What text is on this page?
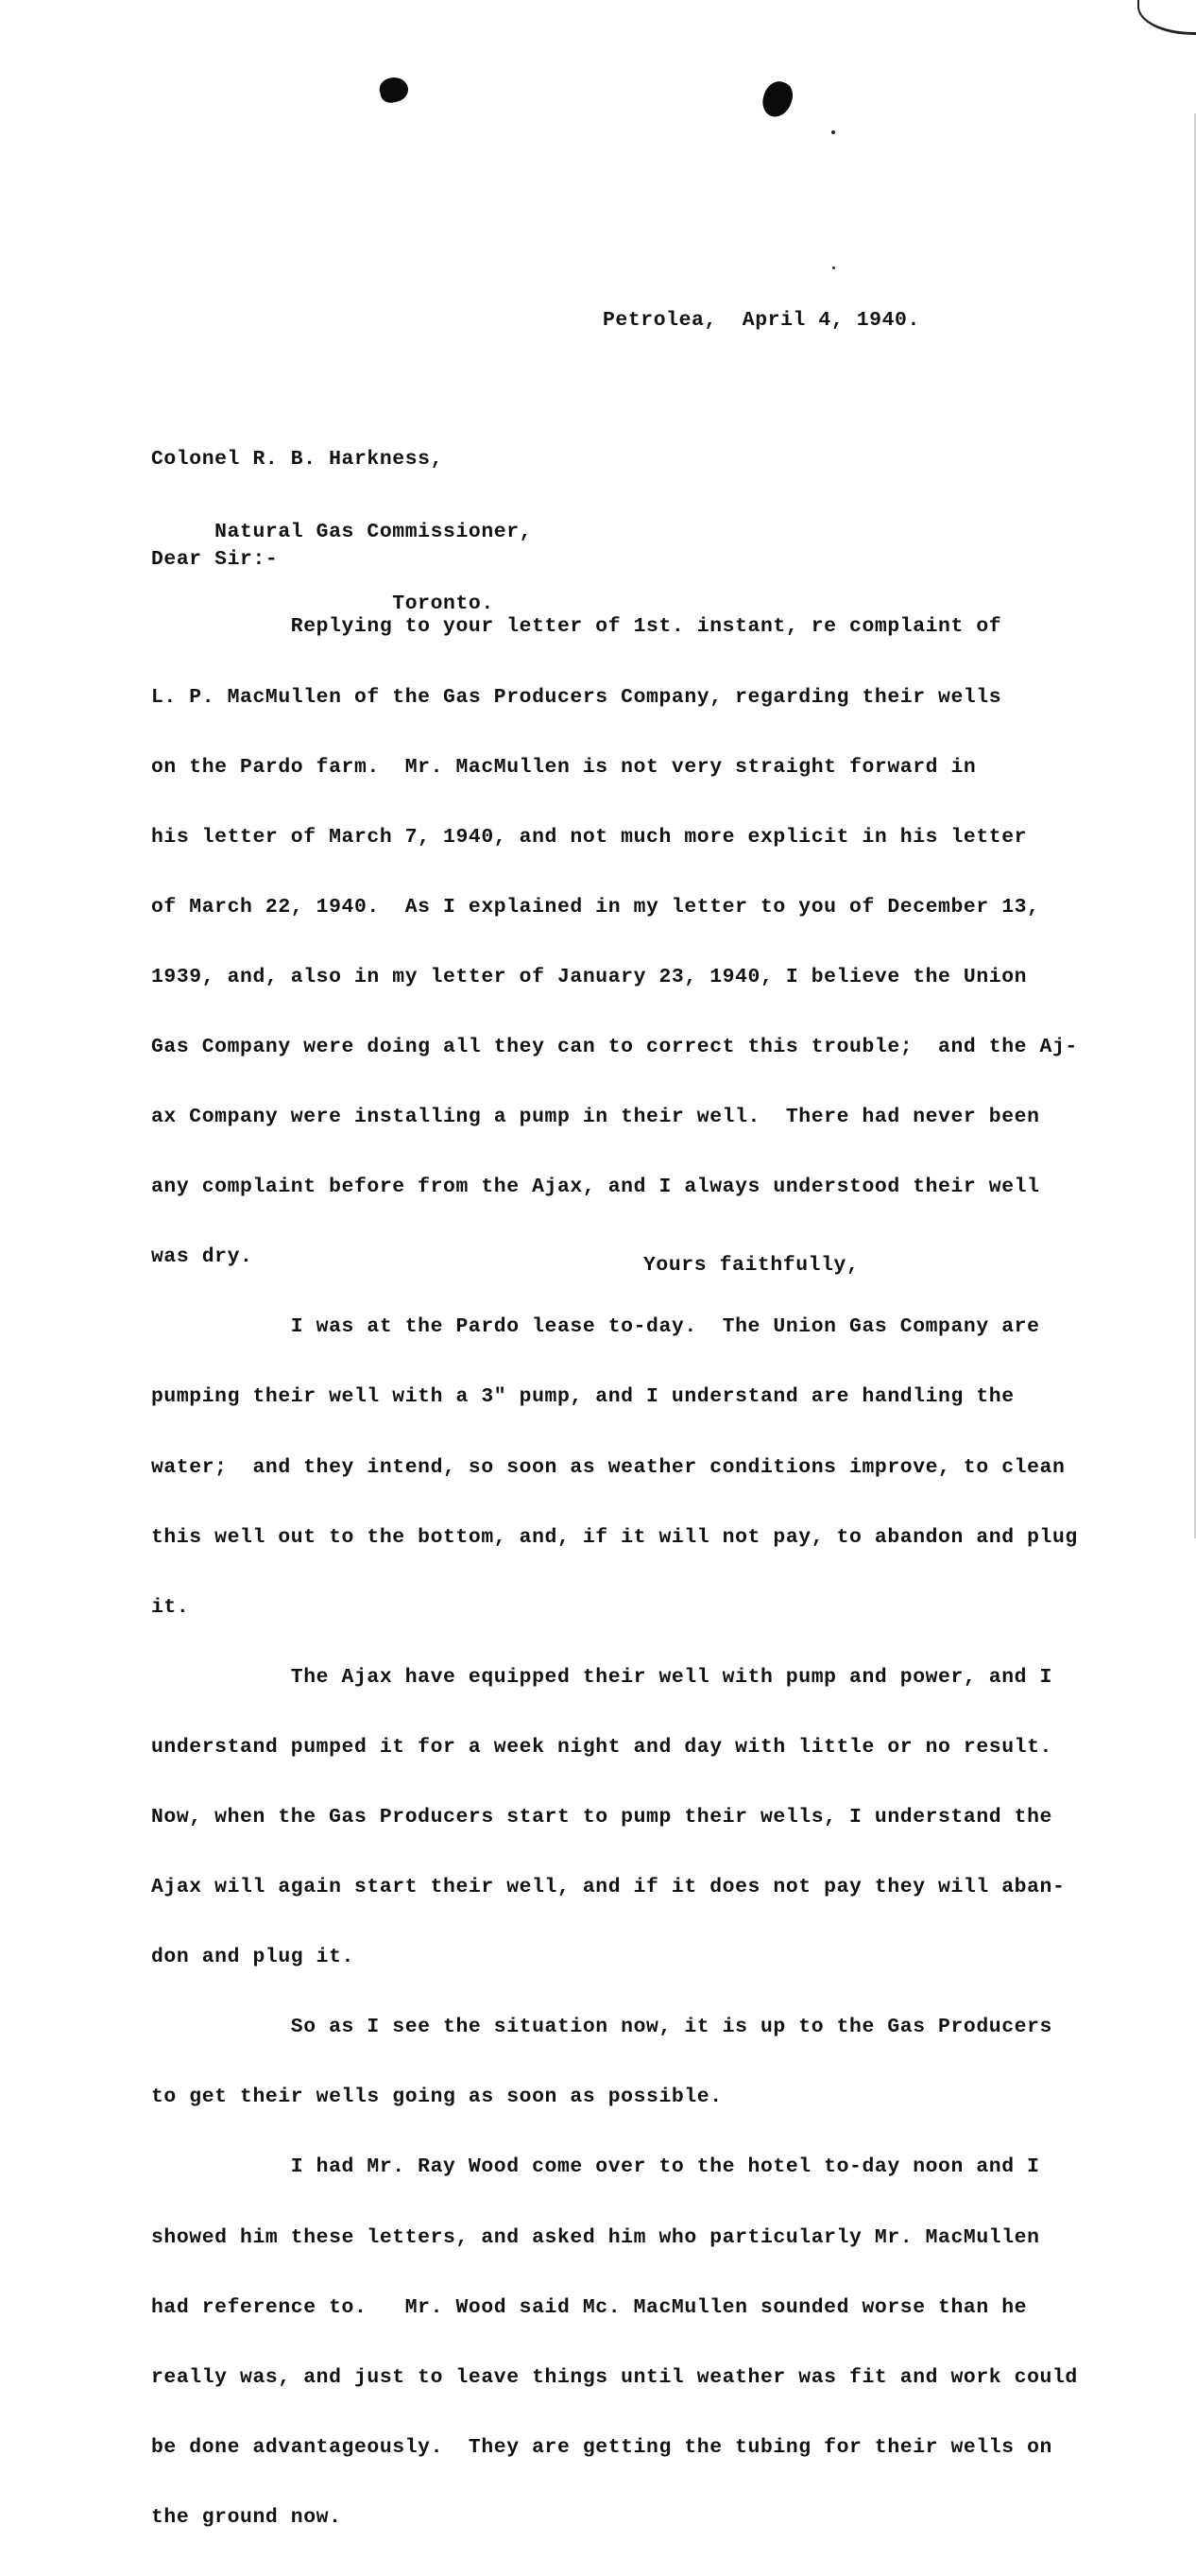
Petrolea,  April 4, 1940.

Colonel R. B. Harkness,

Natural Gas Commissioner,

Toronto.

Dear Sir:-

Replying to your letter of 1st. instant, re complaint of

L. P. MacMullen of the Gas Producers Company, regarding their wells

on the Pardo farm.  Mr. MacMullen is not very straight forward in

his letter of March 7, 1940, and not much more explicit in his letter

of March 22, 1940.  As I explained in my letter to you of December 13,

1939, and, also in my letter of January 23, 1940, I believe the Union

Gas Company were doing all they can to correct this trouble;  and the Aj-

ax Company were installing a pump in their well.  There had never been

any complaint before from the Ajax, and I always understood their well

was dry.

I was at the Pardo lease to-day.  The Union Gas Company are

pumping their well with a 3" pump, and I understand are handling the

water;  and they intend, so soon as weather conditions improve, to clean

this well out to the bottom, and, if it will not pay, to abandon and plug

it.

The Ajax have equipped their well with pump and power, and I

understand pumped it for a week night and day with little or no result.

Now, when the Gas Producers start to pump their wells, I understand the

Ajax will again start their well, and if it does not pay they will aban-

don and plug it.

So as I see the situation now, it is up to the Gas Producers

to get their wells going as soon as possible.

I had Mr. Ray Wood come over to the hotel to-day noon and I

showed him these letters, and asked him who particularly Mr. MacMullen

had reference to.   Mr. Wood said Mc. MacMullen sounded worse than he

really was, and just to leave things until weather was fit and work could

be done advantageously.  They are getting the tubing for their wells on

the ground now.

Yours faithfully,
